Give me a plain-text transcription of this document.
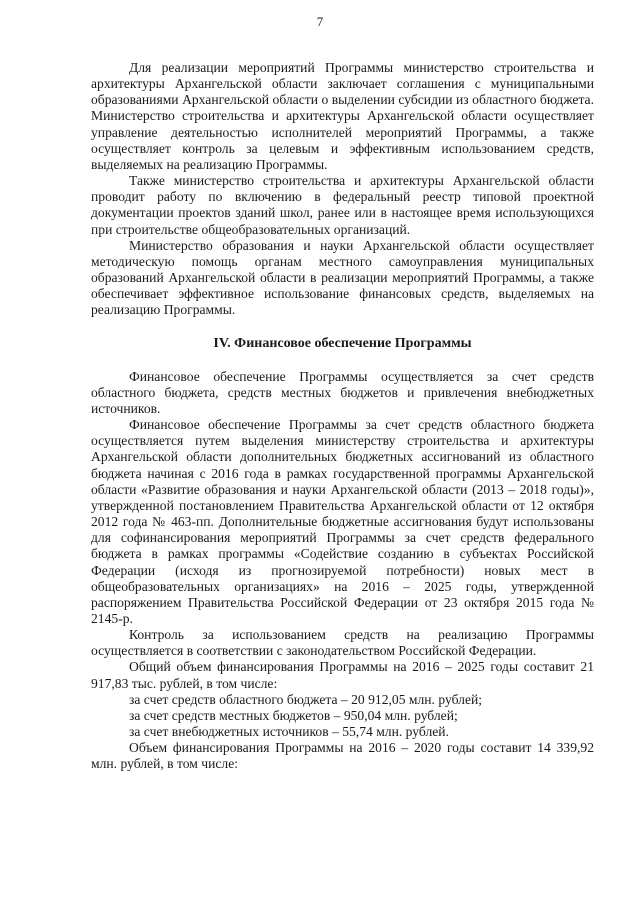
7

Для реализации мероприятий Программы министерство строительства и архитектуры Архангельской области заключает соглашения с муниципальными образованиями Архангельской области о выделении субсидии из областного бюджета. Министерство строительства и архитектуры Архангельской области осуществляет управление деятельностью исполнителей мероприятий Программы, а также осуществляет контроль за целевым и эффективным использованием средств, выделяемых на реализацию Программы.

Также министерство строительства и архитектуры Архангельской области проводит работу по включению в федеральный реестр типовой проектной документации проектов зданий школ, ранее или в настоящее время использующихся при строительстве общеобразовательных организаций.

Министерство образования и науки Архангельской области осуществляет методическую помощь органам местного самоуправления муниципальных образований Архангельской области в реализации мероприятий Программы, а также обеспечивает эффективное использование финансовых средств, выделяемых на реализацию Программы.

IV. Финансовое обеспечение Программы

Финансовое обеспечение Программы осуществляется за счет средств областного бюджета, средств местных бюджетов и привлечения внебюджетных источников.

Финансовое обеспечение Программы за счет средств областного бюджета осуществляется путем выделения министерству строительства и архитектуры Архангельской области дополнительных бюджетных ассигнований из областного бюджета начиная с 2016 года в рамках государственной программы Архангельской области «Развитие образования и науки Архангельской области (2013 – 2018 годы)», утвержденной постановлением Правительства Архангельской области от 12 октября 2012 года № 463-пп. Дополнительные бюджетные ассигнования будут использованы для софинансирования мероприятий Программы за счет средств федерального бюджета в рамках программы «Содействие созданию в субъектах Российской Федерации (исходя из прогнозируемой потребности) новых мест в общеобразовательных организациях» на 2016 – 2025 годы, утвержденной распоряжением Правительства Российской Федерации от 23 октября 2015 года № 2145-р.

Контроль за использованием средств на реализацию Программы осуществляется в соответствии с законодательством Российской Федерации.

Общий объем финансирования Программы на 2016 – 2025 годы составит 21 917,83 тыс. рублей, в том числе:

за счет средств областного бюджета – 20 912,05 млн. рублей;

за счет средств местных бюджетов – 950,04 млн. рублей;

за счет внебюджетных источников – 55,74 млн. рублей.

Объем финансирования Программы на 2016 – 2020 годы составит 14 339,92 млн. рублей, в том числе:
